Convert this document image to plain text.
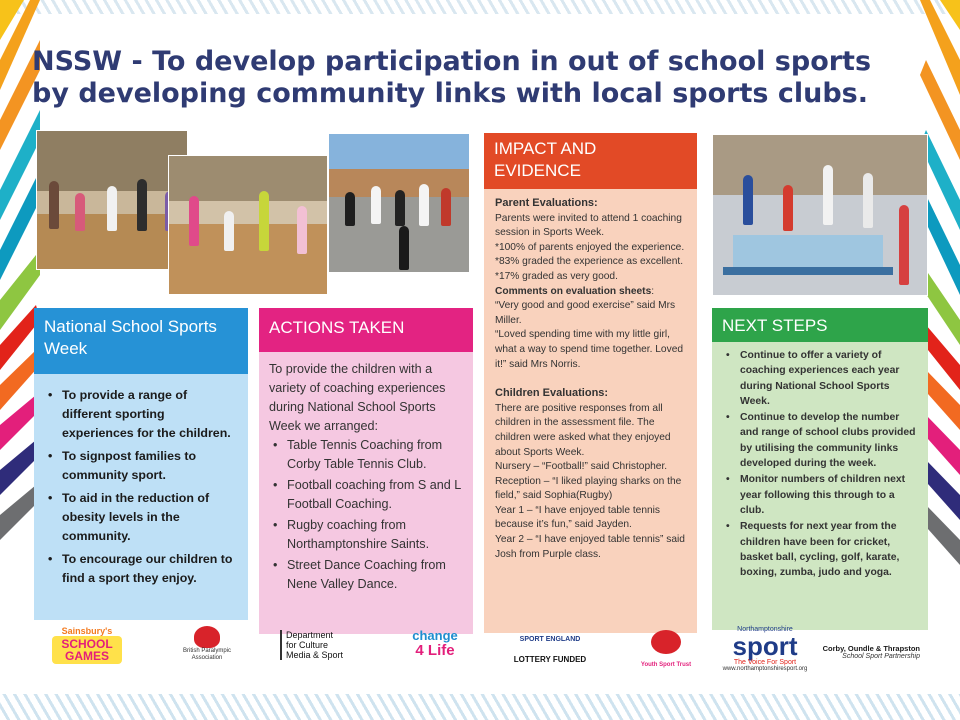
NSSW - To develop participation in out of school sports by developing community links with local sports clubs.
National School Sports Week
• To provide a range of different sporting experiences for the children.
• To signpost families to community sport.
• To aid in the reduction of obesity levels in the community.
• To encourage our children to find a sport they enjoy.
ACTIONS TAKEN

To provide the children with a variety of coaching experiences during National School Sports Week we arranged:

• Table Tennis Coaching from Corby Table Tennis Club.
• Football coaching from S and L Football Coaching.
• Rugby coaching from Northamptonshire Saints.
• Street Dance Coaching from Nene Valley Dance.
IMPACT AND EVIDENCE
Parent Evaluations:
Parents were invited to attend 1 coaching session in Sports Week.
*100% of parents enjoyed the experience.
*83% graded the experience as excellent.
*17% graded as very good.
Comments on evaluation sheets:
“Very good and good exercise” said Mrs Miller.
“Loved spending time with my little girl, what a way to spend time together. Loved it!” said Mrs Norris.
Children Evaluations:
There are positive responses from all children in the assessment file. The children were asked what they enjoyed about Sports Week.
Nursery – “Football!” said Christopher.
Reception – “I liked playing sharks on the field,” said Sophia(Rugby)
Year 1 – “I have enjoyed table tennis because it’s fun,” said Jayden.
Year 2 – “I have enjoyed table tennis” said Josh from Purple class.
NEXT STEPS
• Continue to offer a variety of coaching experiences each year during National School Sports Week.
• Continue to develop the number and range of school clubs provided by utilising the community links developed during the week.
• Monitor numbers of children next year following this through to a club.
• Requests for next year from the children have been for cricket, basket ball, cycling, golf, karate, boxing, zumba, judo and yoga.
Sainsbury's
SCHOOL GAMES	British Paralympic Association
Department
for Culture
Media & Sport
change
4 Life
SPORT ENGLAND
LOTTERY FUNDED
Youth Sport Trust
Northamptonshire
sport
The Voice For Sport
www.northamptonshiresport.org
Corby, Oundle & Thrapston
School Sport Partnership
